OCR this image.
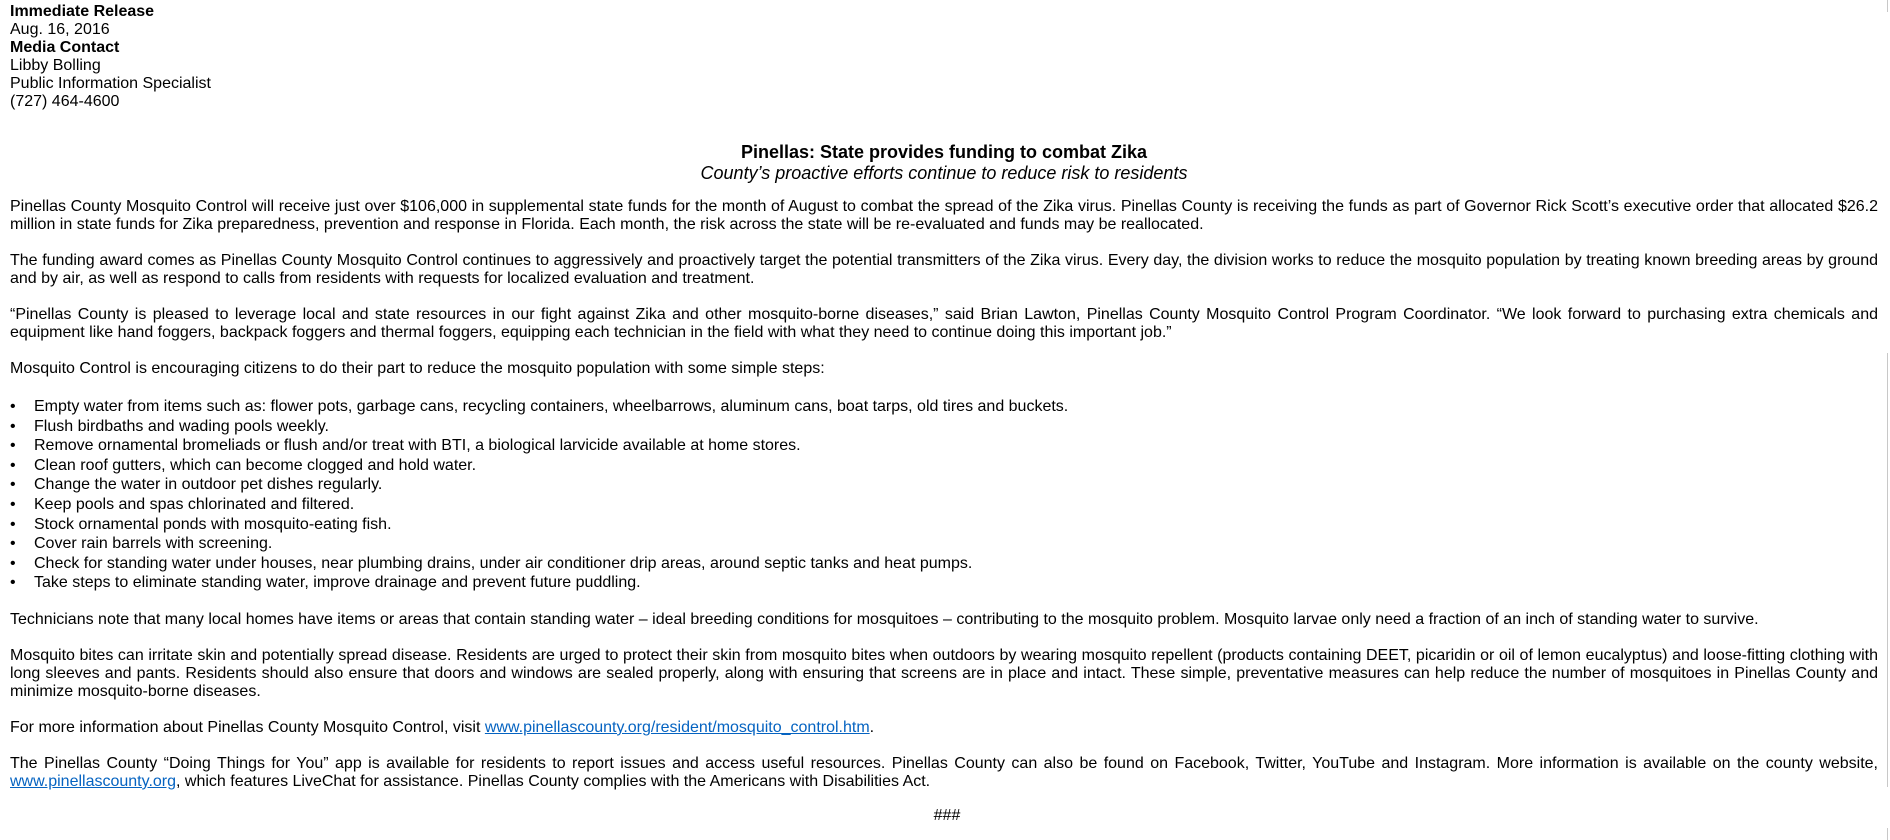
Immediate Release
Aug. 16, 2016
Media Contact
Libby Bolling
Public Information Specialist
(727) 464-4600
Pinellas: State provides funding to combat Zika
County’s proactive efforts continue to reduce risk to residents

Pinellas County Mosquito Control will receive just over $106,000 in supplemental state funds for the month of August to combat the spread of the Zika virus. Pinellas County is receiving the funds as part of Governor Rick Scott’s executive order that allocated $26.2 million in state funds for Zika preparedness, prevention and response in Florida. Each month, the risk across the state will be re-evaluated and funds may be reallocated.

The funding award comes as Pinellas County Mosquito Control continues to aggressively and proactively target the potential transmitters of the Zika virus. Every day, the division works to reduce the mosquito population by treating known breeding areas by ground and by air, as well as respond to calls from residents with requests for localized evaluation and treatment.

“Pinellas County is pleased to leverage local and state resources in our fight against Zika and other mosquito-borne diseases,” said Brian Lawton, Pinellas County Mosquito Control Program Coordinator. “We look forward to purchasing extra chemicals and equipment like hand foggers, backpack foggers and thermal foggers, equipping each technician in the field with what they need to continue doing this important job.”

Mosquito Control is encouraging citizens to do their part to reduce the mosquito population with some simple steps:

• Empty water from items such as: flower pots, garbage cans, recycling containers, wheelbarrows, aluminum cans, boat tarps, old tires and buckets.
• Flush birdbaths and wading pools weekly.
• Remove ornamental bromeliads or flush and/or treat with BTI, a biological larvicide available at home stores.
• Clean roof gutters, which can become clogged and hold water.
• Change the water in outdoor pet dishes regularly.
• Keep pools and spas chlorinated and filtered.
• Stock ornamental ponds with mosquito-eating fish.
• Cover rain barrels with screening.
• Check for standing water under houses, near plumbing drains, under air conditioner drip areas, around septic tanks and heat pumps.
• Take steps to eliminate standing water, improve drainage and prevent future puddling.

Technicians note that many local homes have items or areas that contain standing water – ideal breeding conditions for mosquitoes – contributing to the mosquito problem. Mosquito larvae only need a fraction of an inch of standing water to survive.

Mosquito bites can irritate skin and potentially spread disease. Residents are urged to protect their skin from mosquito bites when outdoors by wearing mosquito repellent (products containing DEET, picaridin or oil of lemon eucalyptus) and loose-fitting clothing with long sleeves and pants. Residents should also ensure that doors and windows are sealed properly, along with ensuring that screens are in place and intact. These simple, preventative measures can help reduce the number of mosquitoes in Pinellas County and minimize mosquito-borne diseases.

For more information about Pinellas County Mosquito Control, visit www.pinellascounty.org/resident/mosquito_control.htm.

The Pinellas County “Doing Things for You” app is available for residents to report issues and access useful resources. Pinellas County can also be found on Facebook, Twitter, YouTube and Instagram. More information is available on the county website, www.pinellascounty.org, which features LiveChat for assistance. Pinellas County complies with the Americans with Disabilities Act.

###
